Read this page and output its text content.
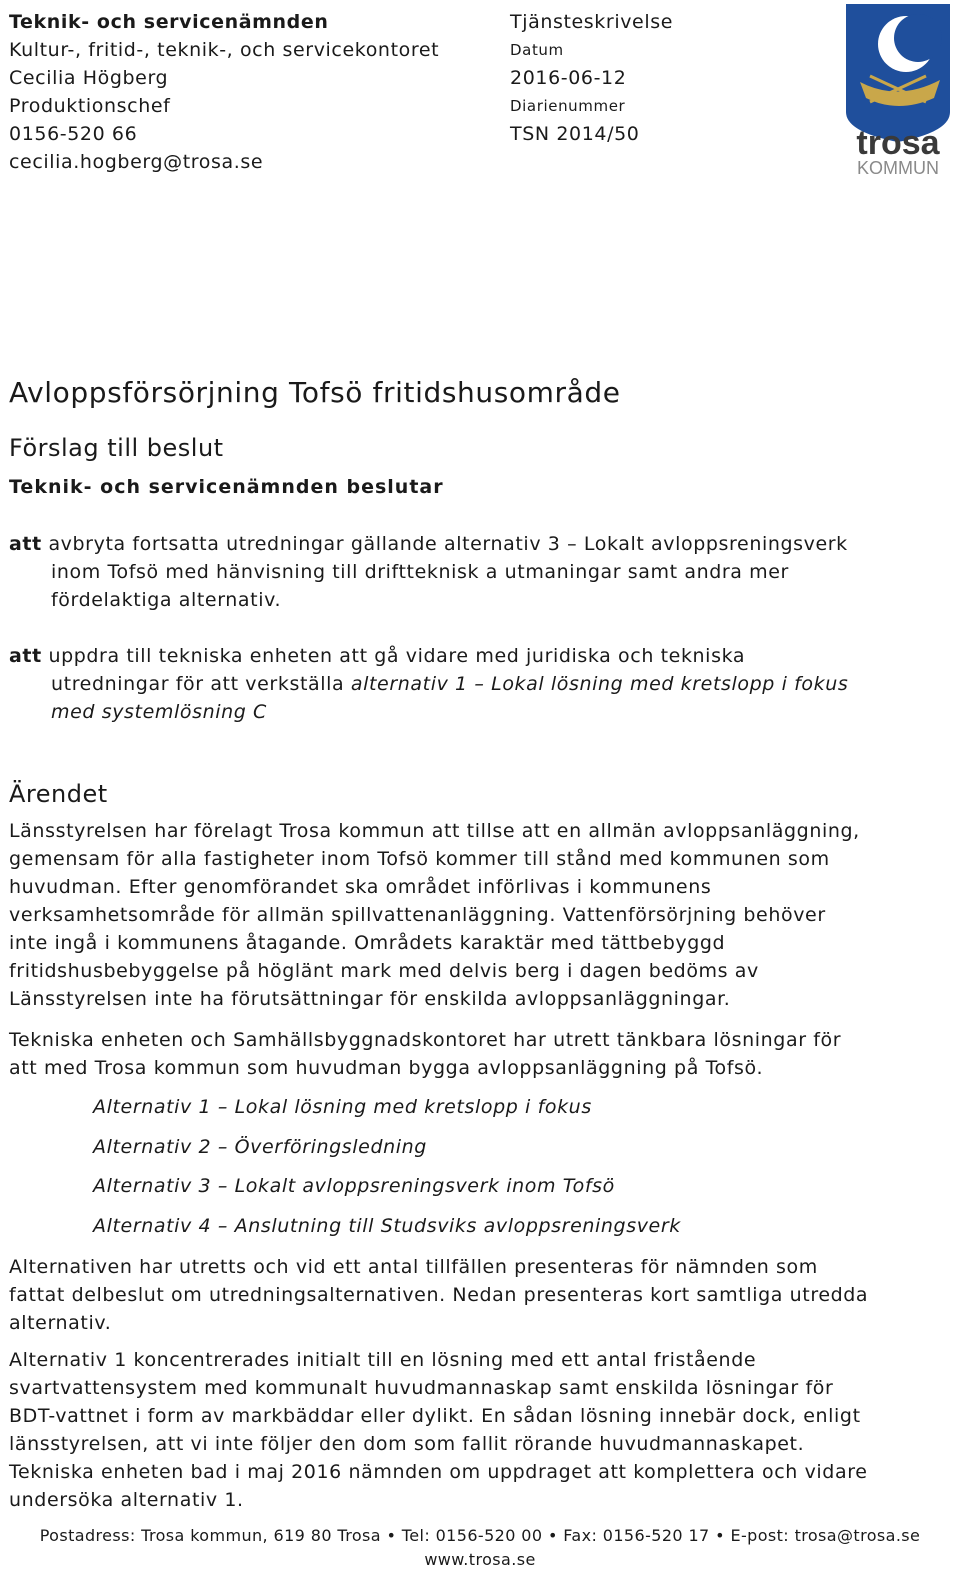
Teknik- och servicenämnden
Kultur-, fritid-, teknik-, och servicekontoret
Cecilia Högberg
Produktionschef
0156-520 66
cecilia.hogberg@trosa.se
Tjänsteskrivelse
Datum
2016-06-12
Diarienummer
TSN 2014/50	trosa
KOMMUN
Avloppsförsörjning Tofsö fritidshusområde
Förslag till beslut
Teknik- och servicenämnden beslutar
att avbryta fortsatta utredningar gällande alternativ 3 – Lokalt avloppsreningsverk
inom Tofsö med hänvisning till driftteknisk a utmaningar samt andra mer fördelaktiga alternativ.
att uppdra till tekniska enheten att gå vidare med juridiska och tekniska
utredningar för att verkställa alternativ 1 – Lokal lösning med kretslopp i fokus med systemlösning C
Ärendet

Länsstyrelsen har förelagt Trosa kommun att tillse att en allmän avloppsanläggning, gemensam för alla fastigheter inom Tofsö kommer till stånd med kommunen som huvudman. Efter genomförandet ska området införlivas i kommunens verksamhetsområde för allmän spillvattenanläggning. Vattenförsörjning behöver inte ingå i kommunens åtagande. Områdets karaktär med tättbebyggd fritidshusbebyggelse på höglänt mark med delvis berg i dagen bedöms av Länsstyrelsen inte ha förutsättningar för enskilda avloppsanläggningar.

Tekniska enheten och Samhällsbyggnadskontoret har utrett tänkbara lösningar för att med Trosa kommun som huvudman bygga avloppsanläggning på Tofsö.

Alternativ 1 – Lokal lösning med kretslopp i fokus
Alternativ 2 – Överföringsledning
Alternativ 3 – Lokalt avloppsreningsverk inom Tofsö
Alternativ 4 – Anslutning till Studsviks avloppsreningsverk

Alternativen har utretts och vid ett antal tillfällen presenteras för nämnden som fattat delbeslut om utredningsalternativen. Nedan presenteras kort samtliga utredda alternativ.

Alternativ 1 koncentrerades initialt till en lösning med ett antal fristående svartvattensystem med kommunalt huvudmannaskap samt enskilda lösningar för BDT-vattnet i form av markbäddar eller dylikt. En sådan lösning innebär dock, enligt länsstyrelsen, att vi inte följer den dom som fallit rörande huvudmannaskapet. Tekniska enheten bad i maj 2016 nämnden om uppdraget att komplettera och vidare undersöka alternativ 1.

Postadress: Trosa kommun, 619 80 Trosa • Tel: 0156-520 00 • Fax: 0156-520 17 • E-post: trosa@trosa.se
www.trosa.se
